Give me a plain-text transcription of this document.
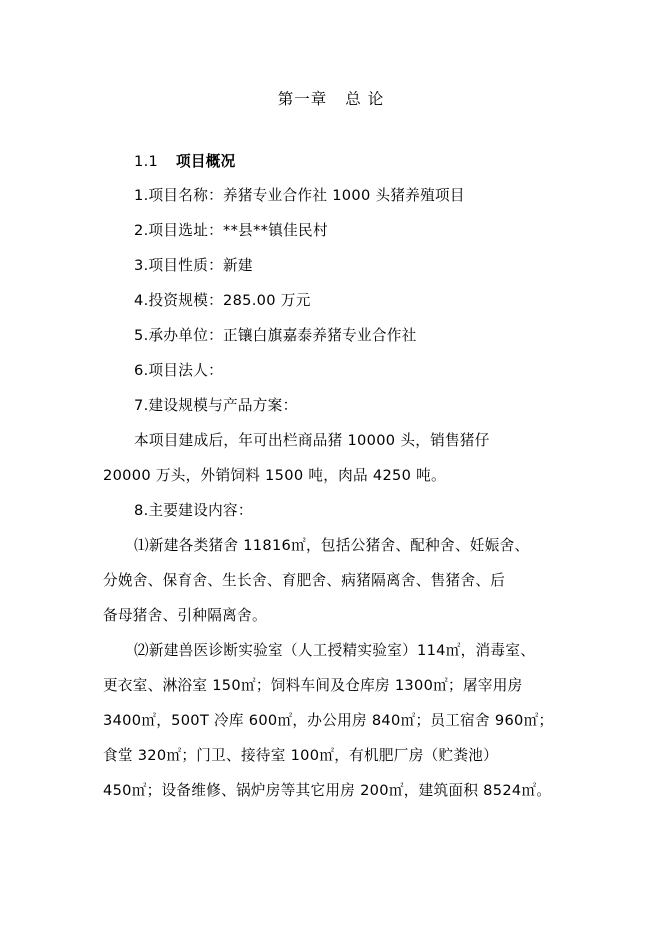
第一章 总 论
1.1 项目概况
1.项目名称：养猪专业合作社 1000 头猪养殖项目
2.项目选址：**县**镇佳民村
3.项目性质：新建
4.投资规模：285.00 万元
5.承办单位：正镶白旗嘉泰养猪专业合作社
6.项目法人：
7.建设规模与产品方案：
本项目建成后，年可出栏商品猪 10000 头，销售猪仔
20000 万头，外销饲料 1500 吨，肉品 4250 吨。
8.主要建设内容：
⑴新建各类猪舍 11816㎡，包括公猪舍、配种舍、妊娠舍、
分娩舍、保育舍、生长舍、育肥舍、病猪隔离舍、售猪舍、后
备母猪舍、引种隔离舍。
⑵新建兽医诊断实验室（人工授精实验室）114㎡，消毒室、
更衣室、淋浴室 150㎡；饲料车间及仓库房 1300㎡；屠宰用房
3400㎡，500T 冷库 600㎡，办公用房 840㎡；员工宿舍 960㎡；
食堂 320㎡；门卫、接待室 100㎡，有机肥厂房（贮粪池）
450㎡；设备维修、锅炉房等其它用房 200㎡，建筑面积 8524㎡。
